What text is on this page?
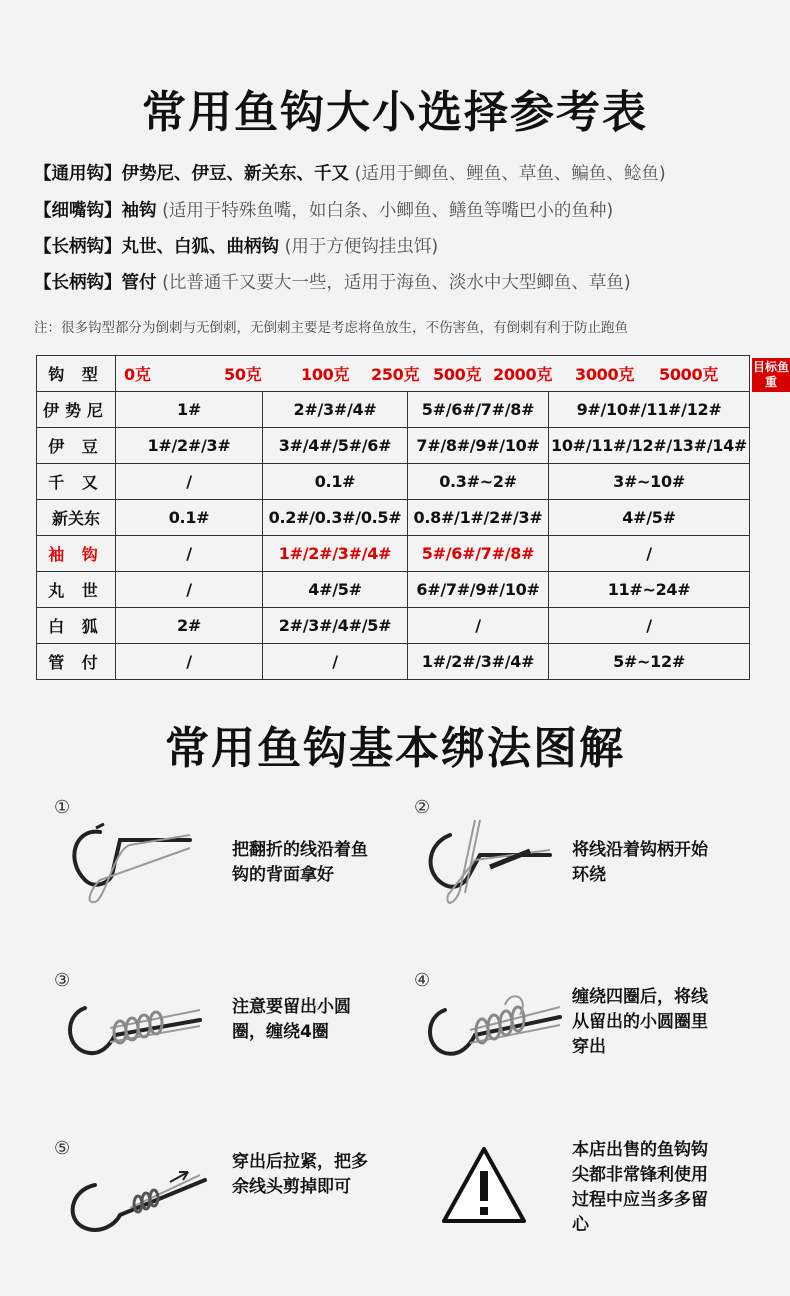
常用鱼钩大小选择参考表
【通用钩】伊势尼、伊豆、新关东、千又 (适用于鲫鱼、鲤鱼、草鱼、鳊鱼、鲶鱼)
【细嘴钩】袖钩 (适用于特殊鱼嘴，如白条、小鲫鱼、鳝鱼等嘴巴小的鱼种)
【长柄钩】丸世、白狐、曲柄钩 (用于方便钩挂虫饵)
【长柄钩】管付 (比普通千又要大一些，适用于海鱼、淡水中大型鲫鱼、草鱼)
注：很多钩型都分为倒刺与无倒刺，无倒刺主要是考虑将鱼放生，不伤害鱼，有倒刺有利于防止跑鱼
钩 型	0克 50克 100克 250克 500克 2000克 3000克 5000克			
伊势尼	1#	2#/3#/4#	5#/6#/7#/8#	9#/10#/11#/12#
伊 豆	1#/2#/3#	3#/4#/5#/6#	7#/8#/9#/10#	10#/11#/12#/13#/14#
千 又	/	0.1#	0.3#~2#	3#~10#
新关东	0.1#	0.2#/0.3#/0.5#	0.8#/1#/2#/3#	4#/5#
袖 钩	/	1#/2#/3#/4#	5#/6#/7#/8#	/
丸 世	/	4#/5#	6#/7#/9#/10#	11#~24#
白 狐	2#	2#/3#/4#/5#	/	/
管 付	/	/	1#/2#/3#/4#	5#~12#
目标鱼重
常用鱼钩基本绑法图解
①
把翻折的线沿着鱼钩的背面拿好
②
将线沿着钩柄开始环绕
③
注意要留出小圆圈，缠绕4圈
④
缠绕四圈后，将线从留出的小圆圈里穿出
⑤
穿出后拉紧，把多余线头剪掉即可
本店出售的鱼钩钩尖都非常锋利使用过程中应当多多留心
